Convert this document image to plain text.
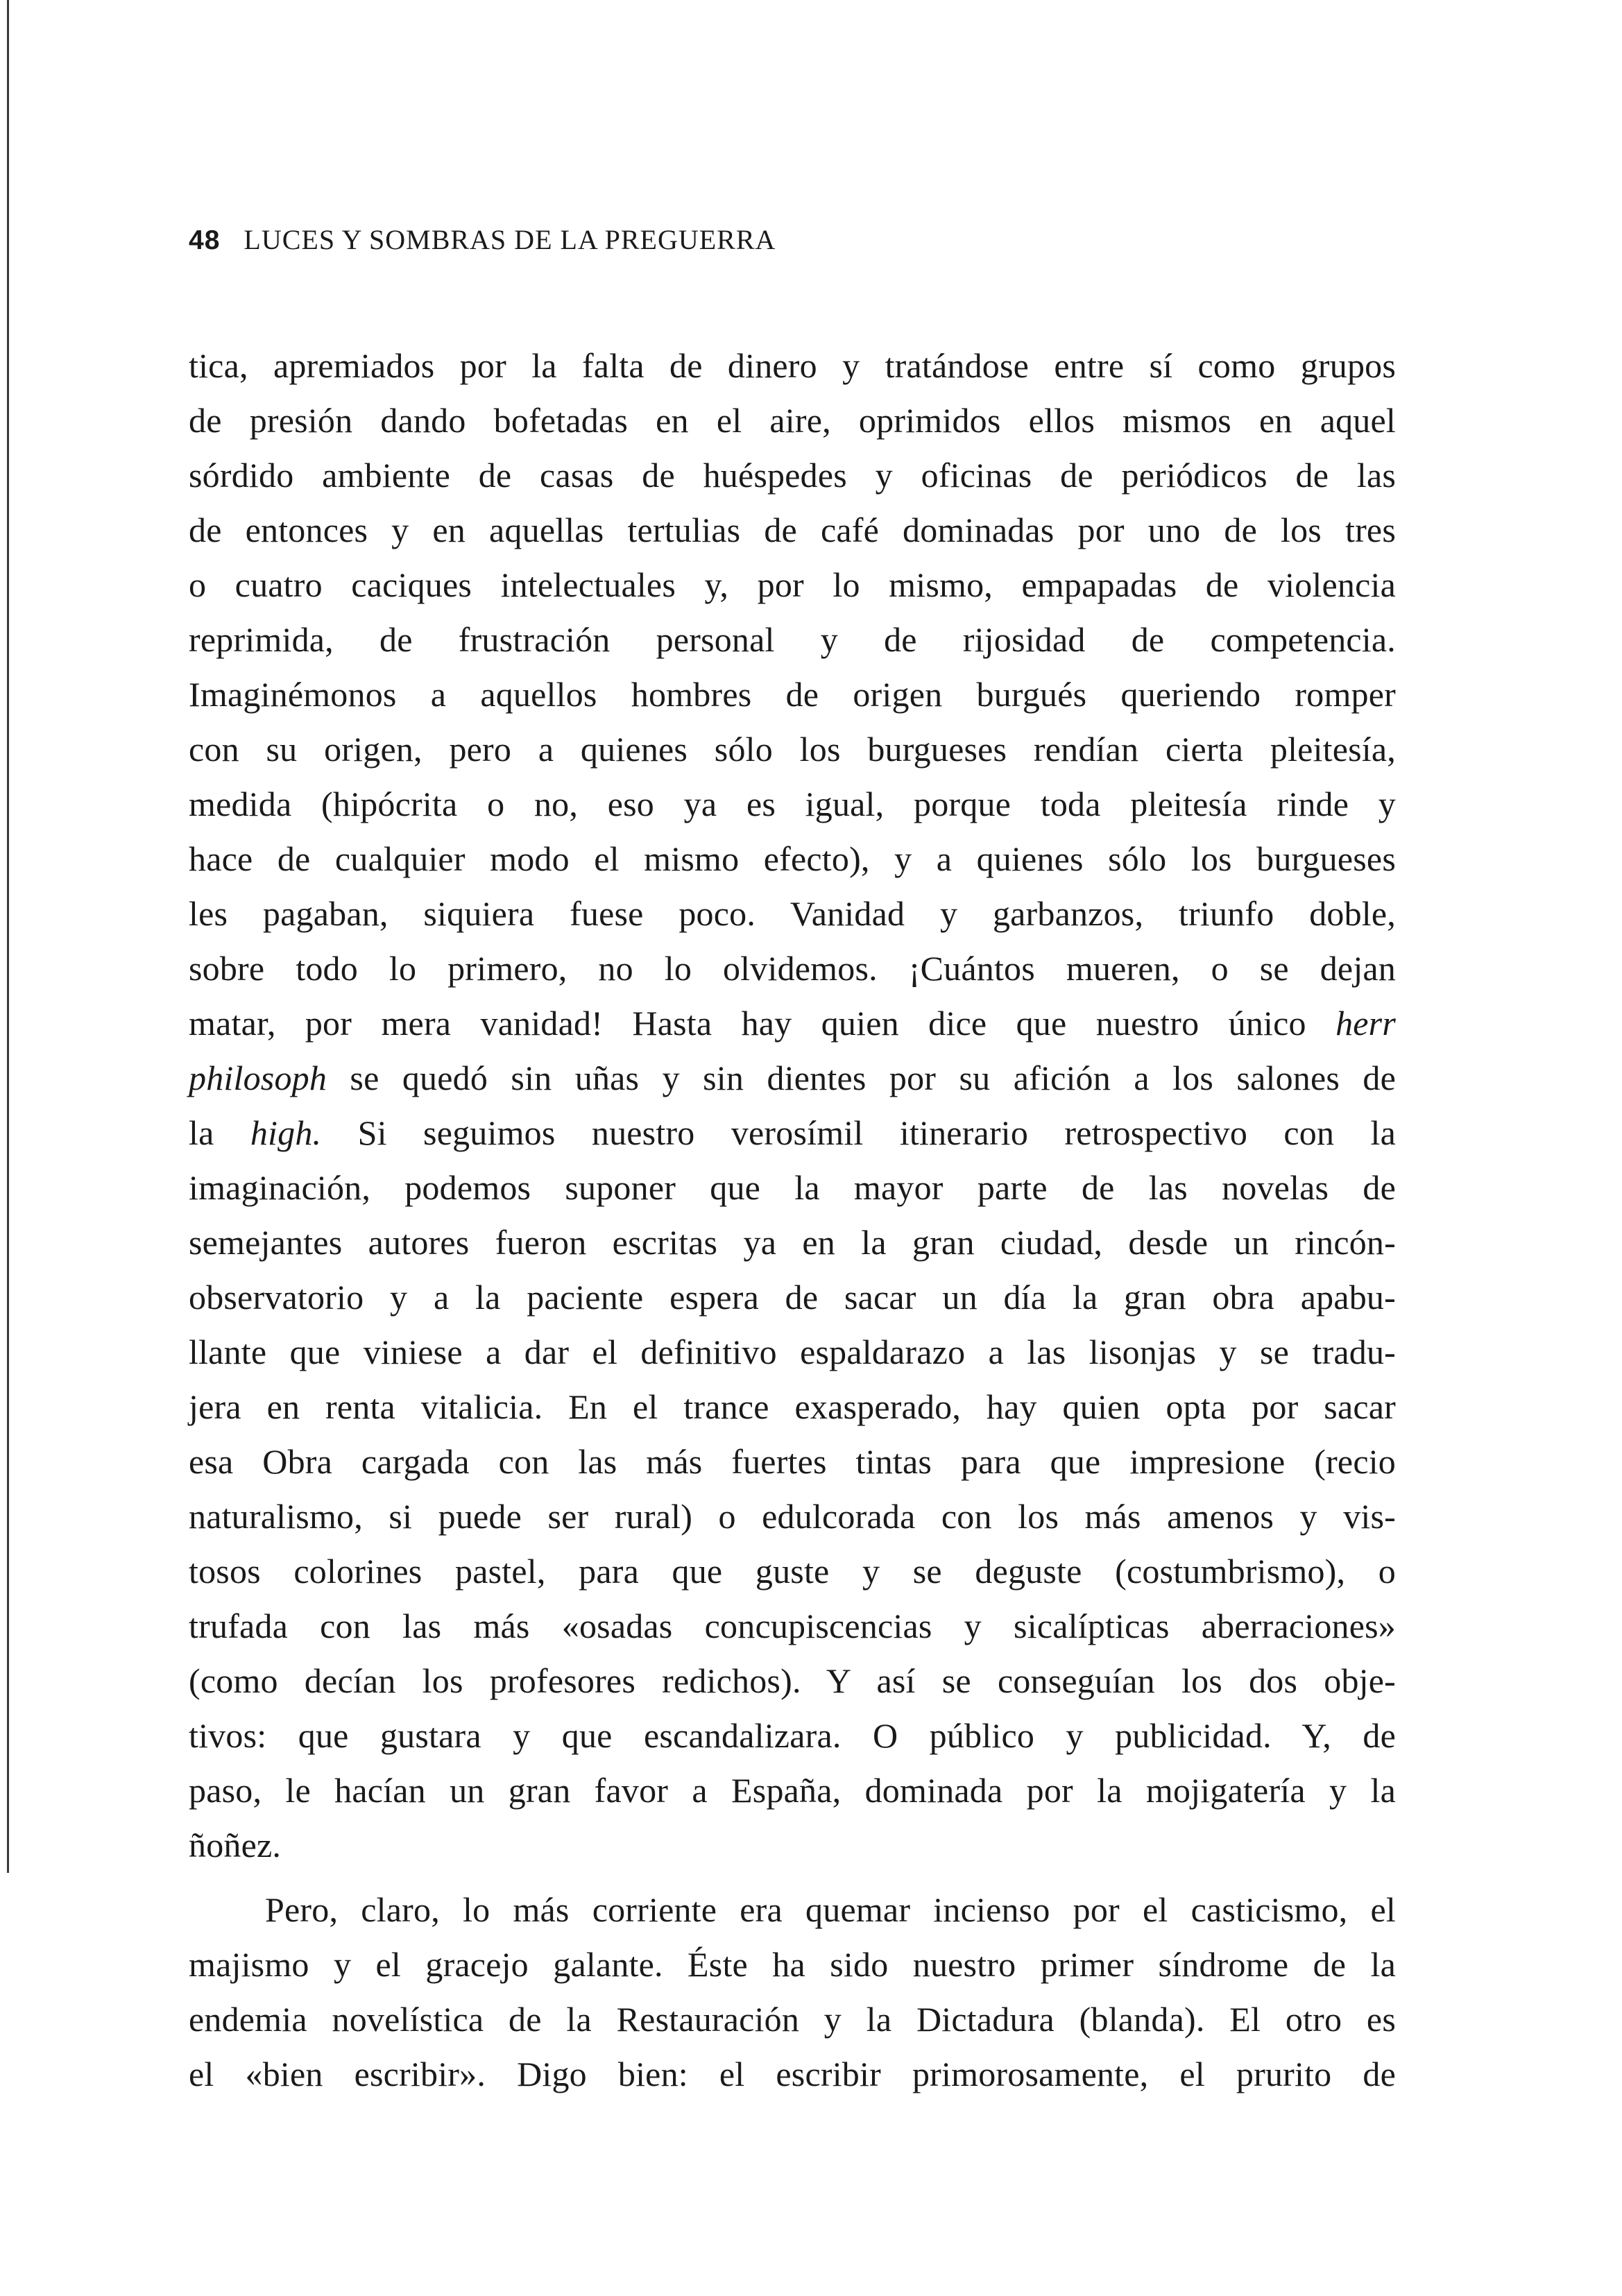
48 LUCES Y SOMBRAS DE LA PREGUERRA
tica, apremiados por la falta de dinero y tratándose entre sí como grupos
de presión dando bofetadas en el aire, oprimidos ellos mismos en aquel
sórdido ambiente de casas de huéspedes y oficinas de periódicos de las
de entonces y en aquellas tertulias de café dominadas por uno de los tres
o cuatro caciques intelectuales y, por lo mismo, empapadas de violencia
reprimida, de frustración personal y de rijosidad de competencia.
Imaginémonos a aquellos hombres de origen burgués queriendo romper
con su origen, pero a quienes sólo los burgueses rendían cierta pleitesía,
medida (hipócrita o no, eso ya es igual, porque toda pleitesía rinde y
hace de cualquier modo el mismo efecto), y a quienes sólo los burgueses
les pagaban, siquiera fuese poco. Vanidad y garbanzos, triunfo doble,
sobre todo lo primero, no lo olvidemos. ¡Cuántos mueren, o se dejan
matar, por mera vanidad! Hasta hay quien dice que nuestro único herr
philosoph se quedó sin uñas y sin dientes por su afición a los salones de
la high. Si seguimos nuestro verosímil itinerario retrospectivo con la
imaginación, podemos suponer que la mayor parte de las novelas de
semejantes autores fueron escritas ya en la gran ciudad, desde un rincón-
observatorio y a la paciente espera de sacar un día la gran obra apabu-
llante que viniese a dar el definitivo espaldarazo a las lisonjas y se tradu-
jera en renta vitalicia. En el trance exasperado, hay quien opta por sacar
esa Obra cargada con las más fuertes tintas para que impresione (recio
naturalismo, si puede ser rural) o edulcorada con los más amenos y vis-
tosos colorines pastel, para que guste y se deguste (costumbrismo), o
trufada con las más «osadas concupiscencias y sicalípticas aberraciones»
(como decían los profesores redichos). Y así se conseguían los dos obje-
tivos: que gustara y que escandalizara. O público y publicidad. Y, de
paso, le hacían un gran favor a España, dominada por la mojigatería y la
ñoñez.
Pero, claro, lo más corriente era quemar incienso por el casticismo, el
majismo y el gracejo galante. Éste ha sido nuestro primer síndrome de la
endemia novelística de la Restauración y la Dictadura (blanda). El otro es
el «bien escribir». Digo bien: el escribir primorosamente, el prurito de
